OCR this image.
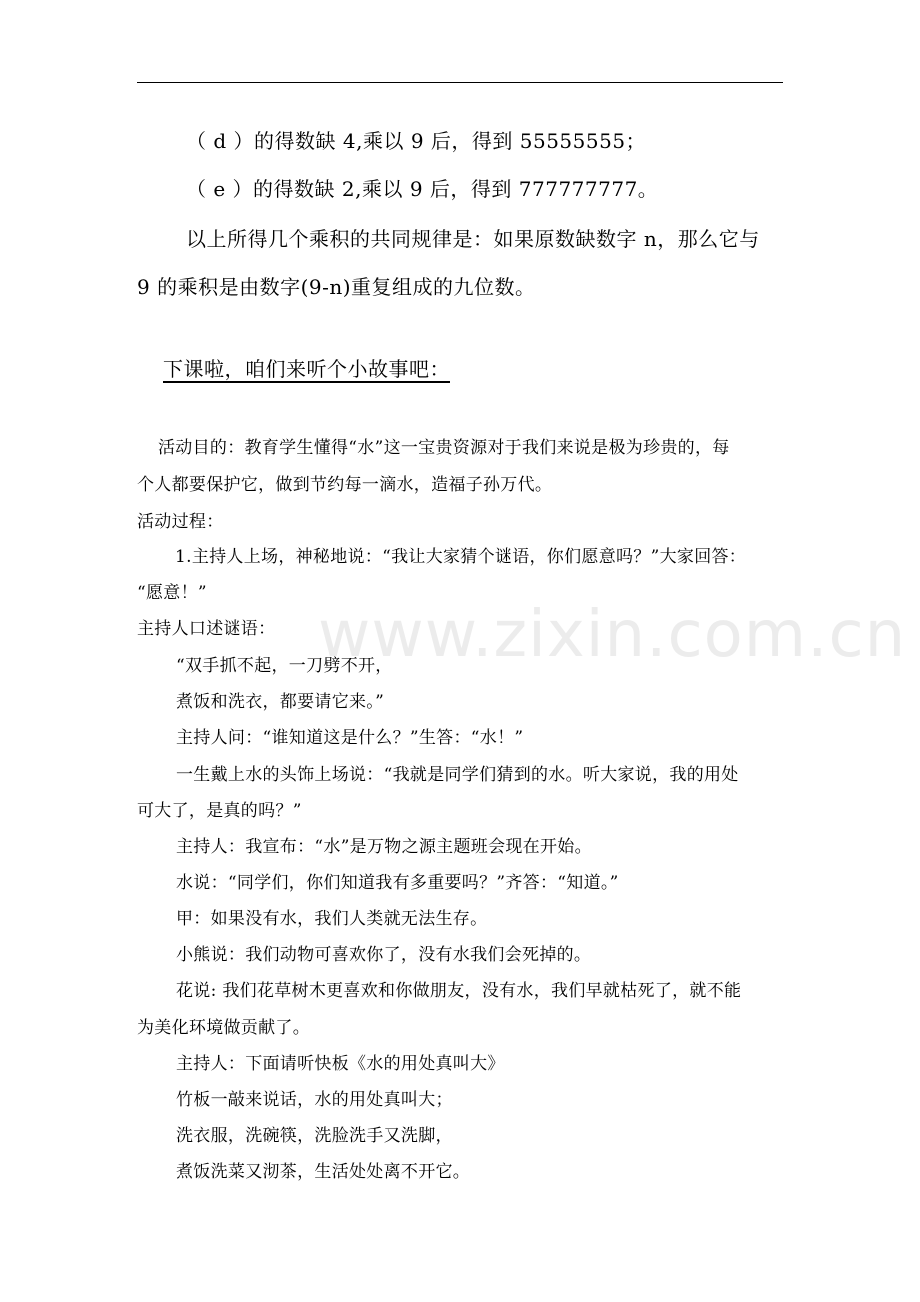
www.zixin.com.cn
（ d ）的得数缺 4,乘以 9 后，得到 55555555；
（ e ）的得数缺 2,乘以 9 后，得到 777777777。
以上所得几个乘积的共同规律是：如果原数缺数字 n，那么它与
9 的乘积是由数字(9-n)重复组成的九位数。
下课啦，咱们来听个小故事吧：
活动目的：教育学生懂得“水”这一宝贵资源对于我们来说是极为珍贵的，每
个人都要保护它，做到节约每一滴水，造福子孙万代。
活动过程：
1.主持人上场，神秘地说：“我让大家猜个谜语，你们愿意吗？”大家回答：
“愿意！”
主持人口述谜语：
“双手抓不起，一刀劈不开，
煮饭和洗衣，都要请它来。”
主持人问：“谁知道这是什么？”生答：“水！”
一生戴上水的头饰上场说：“我就是同学们猜到的水。听大家说，我的用处
可大了，是真的吗？”
主持人：我宣布：“水”是万物之源主题班会现在开始。
水说：“同学们，你们知道我有多重要吗？”齐答：“知道。”
甲：如果没有水，我们人类就无法生存。
小熊说：我们动物可喜欢你了，没有水我们会死掉的。
花说: 我们花草树木更喜欢和你做朋友，没有水，我们早就枯死了，就不能
为美化环境做贡献了。
主持人：下面请听快板《水的用处真叫大》
竹板一敲来说话，水的用处真叫大；
洗衣服，洗碗筷，洗脸洗手又洗脚，
煮饭洗菜又沏茶，生活处处离不开它。
